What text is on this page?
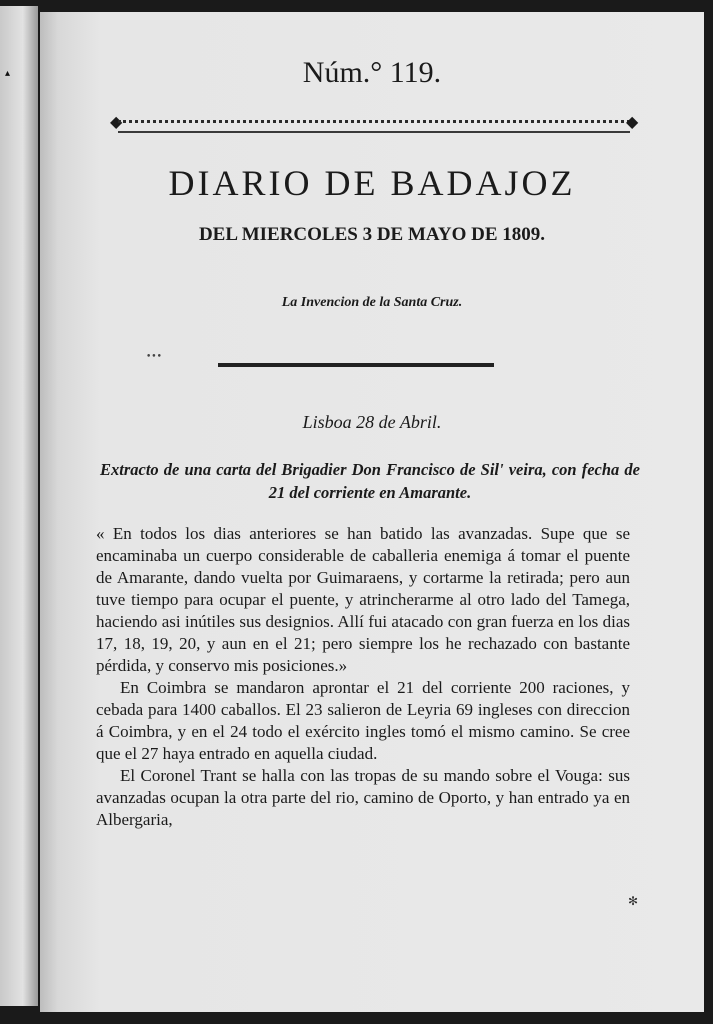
▴	Núm.° 119.
◆	◆
DIARIO DE BADAJOZ
DEL MIERCOLES 3 DE MAYO DE 1809.
La Invencion de la Santa Cruz.
•••
Lisboa 28 de Abril.
Extracto de una carta del Brigadier Don Francisco de Sil' veira, con fecha de 21 del corriente en Amarante.

« En todos los dias anteriores se han batido las avanzadas. Supe que se encaminaba un cuerpo considerable de caballeria enemiga á tomar el puente de Amarante, dando vuelta por Guimaraens, y cortarme la retirada; pero aun tuve tiempo para ocupar el puente, y atrincherarme al otro lado del Tamega, haciendo asi inútiles sus designios. Allí fui atacado con gran fuerza en los dias 17, 18, 19, 20, y aun en el 21; pero siempre los he rechazado con bastante pérdida, y conservo mis posiciones.»

En Coimbra se mandaron aprontar el 21 del corriente 200 raciones, y cebada para 1400 caballos. El 23 salieron de Leyria 69 ingleses con direccion á Coimbra, y en el 24 todo el exército ingles tomó el mismo camino. Se cree que el 27 haya entrado en aquella ciudad.

El Coronel Trant se halla con las tropas de su mando sobre el Vouga: sus avanzadas ocupan la otra parte del rio, camino de Oporto, y han entrado ya en Albergaria,

✻
